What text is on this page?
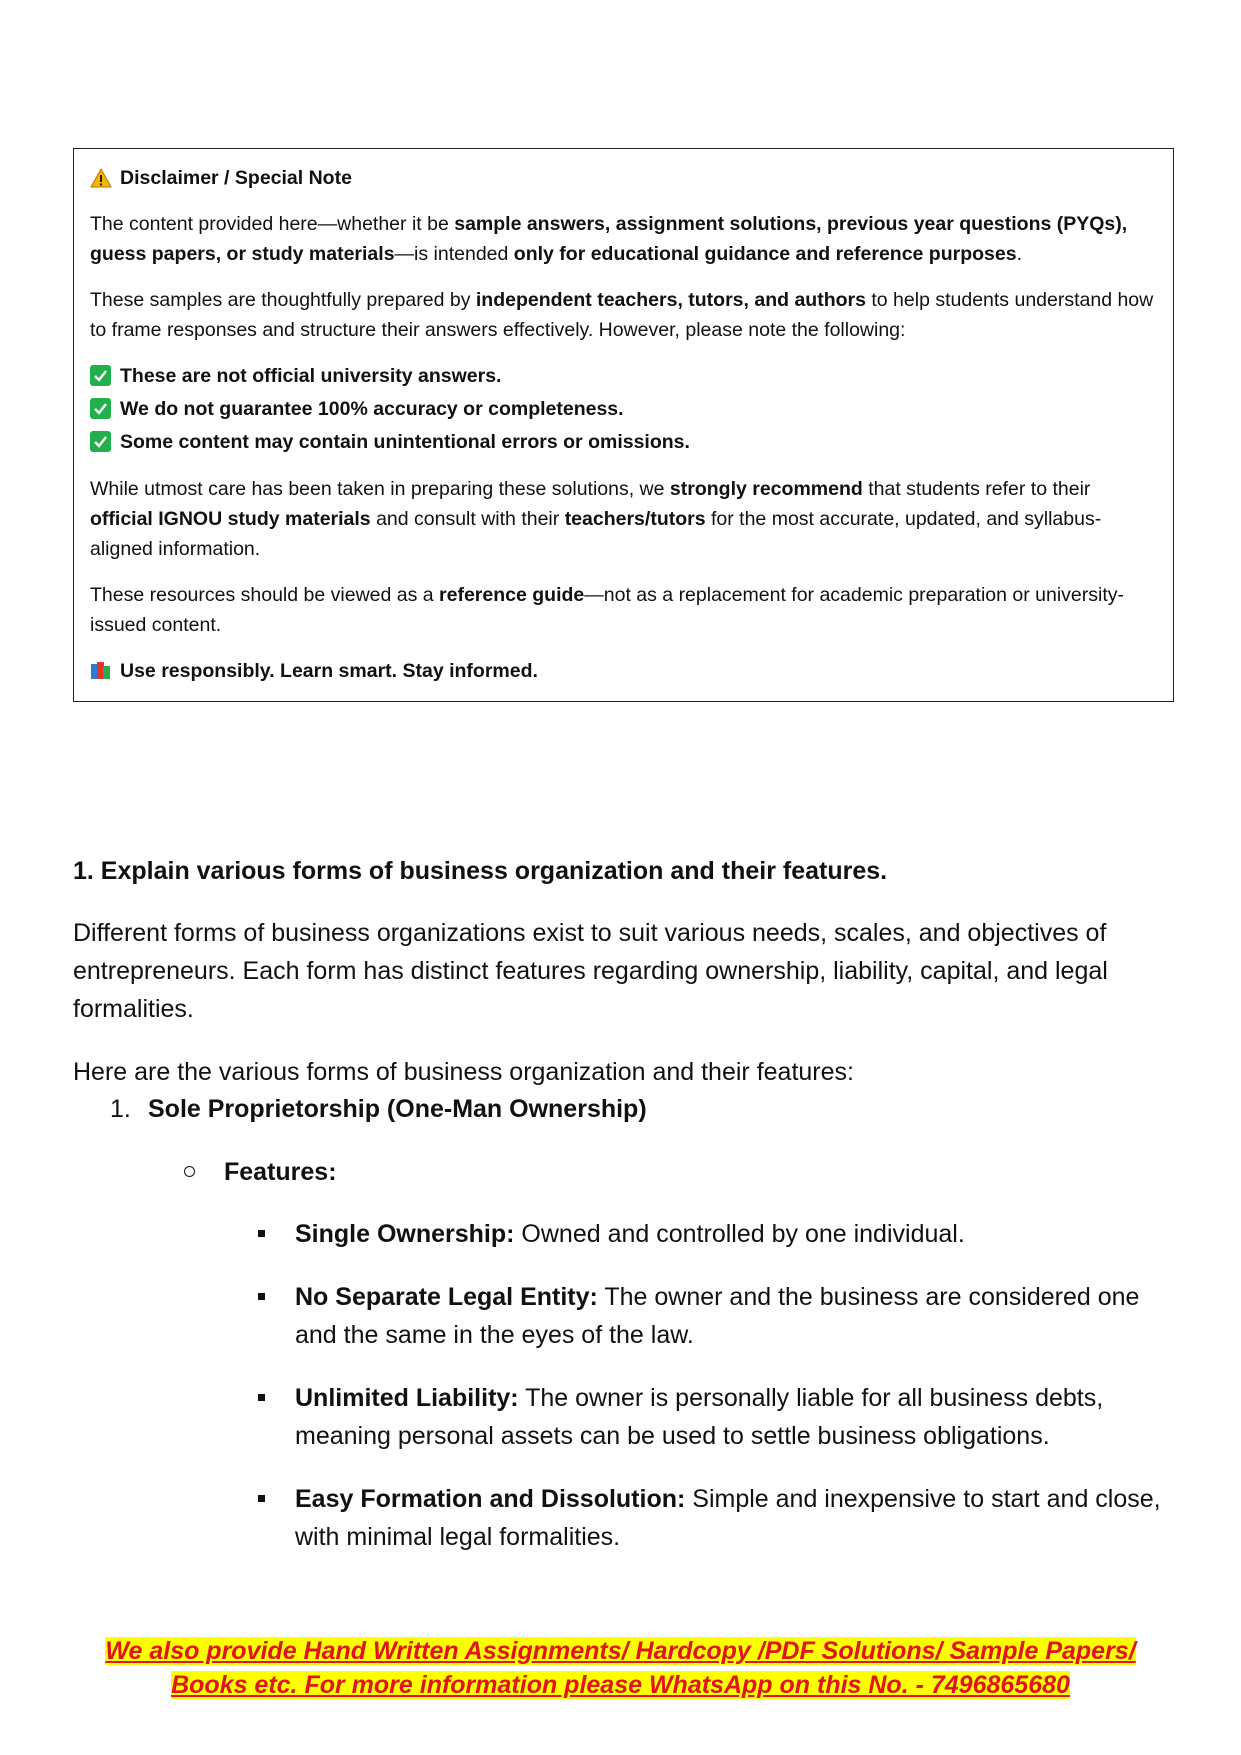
Disclaimer / Special Note

The content provided here—whether it be sample answers, assignment solutions, previous year questions (PYQs), guess papers, or study materials—is intended only for educational guidance and reference purposes.

These samples are thoughtfully prepared by independent teachers, tutors, and authors to help students understand how to frame responses and structure their answers effectively. However, please note the following:

These are not official university answers.
We do not guarantee 100% accuracy or completeness.
Some content may contain unintentional errors or omissions.

While utmost care has been taken in preparing these solutions, we strongly recommend that students refer to their official IGNOU study materials and consult with their teachers/tutors for the most accurate, updated, and syllabus-aligned information.

These resources should be viewed as a reference guide—not as a replacement for academic preparation or university-issued content.

Use responsibly. Learn smart. Stay informed.

1. Explain various forms of business organization and their features.

Different forms of business organizations exist to suit various needs, scales, and objectives of entrepreneurs. Each form has distinct features regarding ownership, liability, capital, and legal formalities.

Here are the various forms of business organization and their features:

1. Sole Proprietorship (One-Man Ownership)
Features:
Single Ownership: Owned and controlled by one individual.
No Separate Legal Entity: The owner and the business are considered one and the same in the eyes of the law.
Unlimited Liability: The owner is personally liable for all business debts, meaning personal assets can be used to settle business obligations.
Easy Formation and Dissolution: Simple and inexpensive to start and close, with minimal legal formalities.
We also provide Hand Written Assignments/ Hardcopy /PDF Solutions/ Sample Papers/
Books etc. For more information please WhatsApp on this No. - 7496865680
